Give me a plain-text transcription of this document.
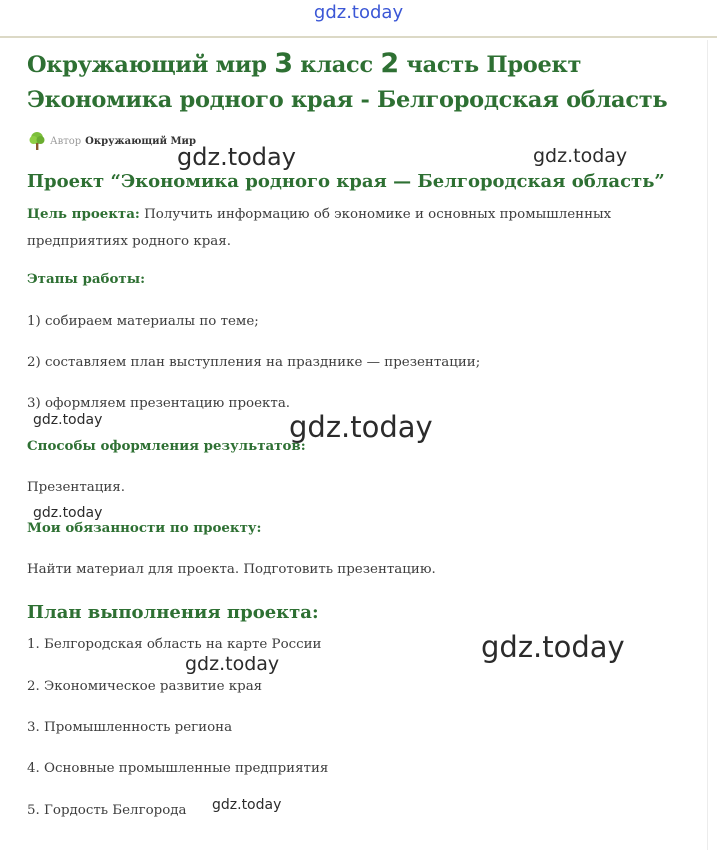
gdz.today
Окружающий мир 3 класс 2 часть Проект Экономика родного края - Белгородская область
Автор Окружающий Мир
Проект “Экономика родного края — Белгородская область”

Цель проекта: Получить информацию об экономике и основных промышленных предприятиях родного края.

Этапы работы:

1) собираем материалы по теме;

2) составляем план выступления на празднике — презентации;

3) оформляем презентацию проекта.

Способы оформления результатов:

Презентация.

Мои обязанности по проекту:

Найти материал для проекта. Подготовить презентацию.

План выполнения проекта:

1. Белгородская область на карте России

2. Экономическое развитие края

3. Промышленность региона

4. Основные промышленные предприятия

5. Гордость Белгорода

gdz.today	gdz.today
gdz.today
gdz.today
gdz.today
gdz.today
gdz.today
gdz.today
